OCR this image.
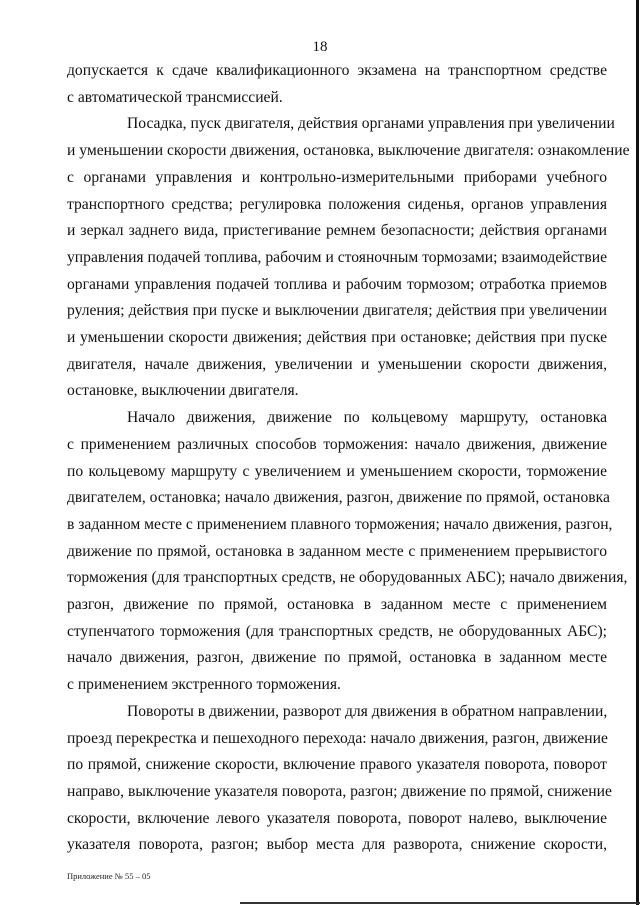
18
допускается к сдаче квалификационного экзамена на транспортном средстве
с автоматической трансмиссией.
Посадка, пуск двигателя, действия органами управления при увеличении
и уменьшении скорости движения, остановка, выключение двигателя: ознакомление
с органами управления и контрольно-измерительными приборами учебного
транспортного средства; регулировка положения сиденья, органов управления
и зеркал заднего вида, пристегивание ремнем безопасности; действия органами
управления подачей топлива, рабочим и стояночным тормозами; взаимодействие
органами управления подачей топлива и рабочим тормозом; отработка приемов
руления; действия при пуске и выключении двигателя; действия при увеличении
и уменьшении скорости движения; действия при остановке; действия при пуске
двигателя, начале движения, увеличении и уменьшении скорости движения,
остановке, выключении двигателя.
Начало движения, движение по кольцевому маршруту, остановка
с применением различных способов торможения: начало движения, движение
по кольцевому маршруту с увеличением и уменьшением скорости, торможение
двигателем, остановка; начало движения, разгон, движение по прямой, остановка
в заданном месте с применением плавного торможения; начало движения, разгон,
движение по прямой, остановка в заданном месте с применением прерывистого
торможения (для транспортных средств, не оборудованных АБС); начало движения,
разгон, движение по прямой, остановка в заданном месте с применением
ступенчатого торможения (для транспортных средств, не оборудованных АБС);
начало движения, разгон, движение по прямой, остановка в заданном месте
с применением экстренного торможения.
Повороты в движении, разворот для движения в обратном направлении,
проезд перекрестка и пешеходного перехода: начало движения, разгон, движение
по прямой, снижение скорости, включение правого указателя поворота, поворот
направо, выключение указателя поворота, разгон; движение по прямой, снижение
скорости, включение левого указателя поворота, поворот налево, выключение
указателя поворота, разгон; выбор места для разворота, снижение скорости,
Приложение № 55 – 05
